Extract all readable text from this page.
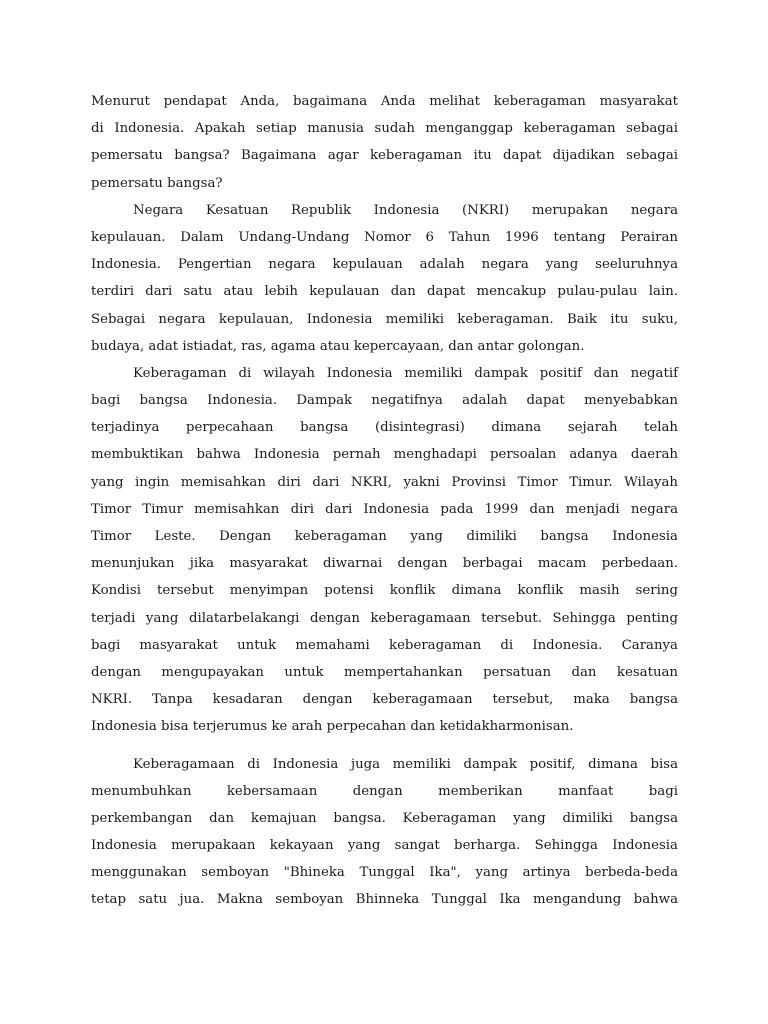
Menurut pendapat Anda, bagaimana Anda melihat keberagaman masyarakat
di Indonesia. Apakah setiap manusia sudah menganggap keberagaman sebagai
pemersatu bangsa? Bagaimana agar keberagaman itu dapat dijadikan sebagai
pemersatu bangsa?
Negara Kesatuan Republik Indonesia (NKRI) merupakan negara
kepulauan. Dalam Undang-Undang Nomor 6 Tahun 1996 tentang Perairan
Indonesia. Pengertian negara kepulauan adalah negara yang seeluruhnya
terdiri dari satu atau lebih kepulauan dan dapat mencakup pulau-pulau lain.
Sebagai negara kepulauan, Indonesia memiliki keberagaman. Baik itu suku,
budaya, adat istiadat, ras, agama atau kepercayaan, dan antar golongan.
Keberagaman di wilayah Indonesia memiliki dampak positif dan negatif
bagi bangsa Indonesia. Dampak negatifnya adalah dapat menyebabkan
terjadinya perpecahaan bangsa (disintegrasi) dimana sejarah telah
membuktikan bahwa Indonesia pernah menghadapi persoalan adanya daerah
yang ingin memisahkan diri dari NKRI, yakni Provinsi Timor Timur. Wilayah
Timor Timur memisahkan diri dari Indonesia pada 1999 dan menjadi negara
Timor Leste. Dengan keberagaman yang dimiliki bangsa Indonesia
menunjukan jika masyarakat diwarnai dengan berbagai macam perbedaan.
Kondisi tersebut menyimpan potensi konflik dimana konflik masih sering
terjadi yang dilatarbelakangi dengan keberagamaan tersebut. Sehingga penting
bagi masyarakat untuk memahami keberagaman di Indonesia. Caranya
dengan mengupayakan untuk mempertahankan persatuan dan kesatuan
NKRI. Tanpa kesadaran dengan keberagamaan tersebut, maka bangsa
Indonesia bisa terjerumus ke arah perpecahan dan ketidakharmonisan.
Keberagamaan di Indonesia juga memiliki dampak positif, dimana bisa
menumbuhkan kebersamaan dengan memberikan manfaat bagi
perkembangan dan kemajuan bangsa. Keberagaman yang dimiliki bangsa
Indonesia merupakaan kekayaan yang sangat berharga. Sehingga Indonesia
menggunakan semboyan "Bhineka Tunggal Ika", yang artinya berbeda-beda
tetap satu jua. Makna semboyan Bhinneka Tunggal Ika mengandung bahwa
